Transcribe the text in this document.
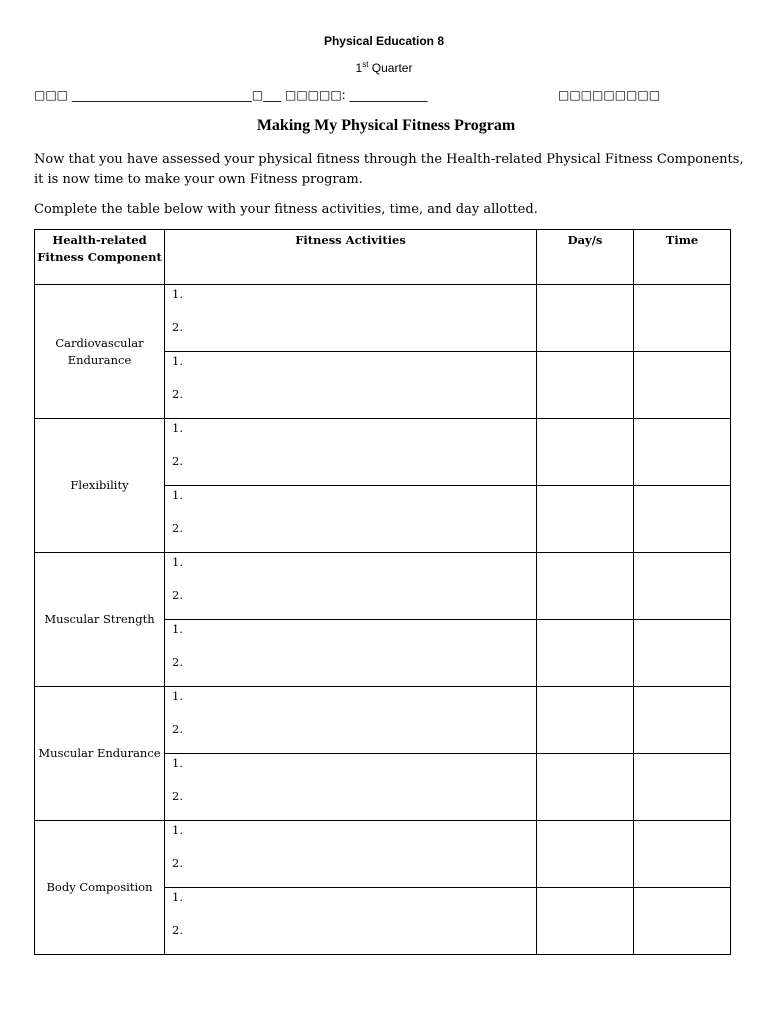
Physical Education 8
1st Quarter
□□□ ______________________________□___ □□□□□: _____________	□□□□□□□□□
Making My Physical Fitness Program
Now that you have assessed your physical fitness through the Health-related Physical Fitness Components, it is now time to make your own Fitness program.
Complete the table below with your fitness activities, time, and day allotted.
Health-related Fitness Component	Fitness Activities	Day/s	Time
Cardiovascular Endurance	1.
2.		

	1.
2.		

Flexibility	1.
2.		

	1.
2.		

Muscular Strength	1.
2.		

	1.
2.		

Muscular Endurance	1.
2.		

	1.
2.		

Body Composition	1.
2.		

	1.
2.		
